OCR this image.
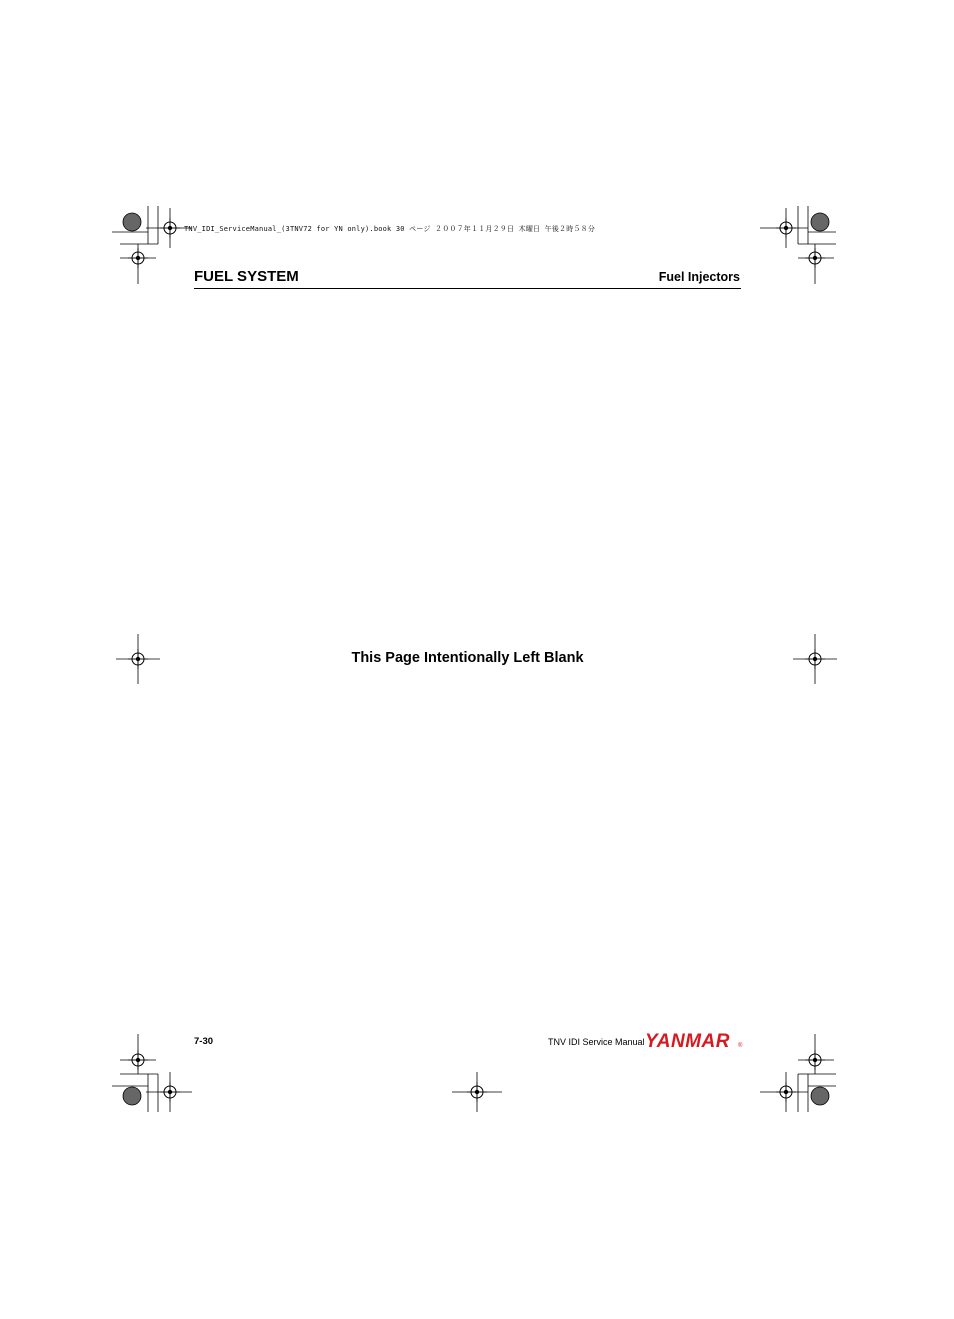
TNV_IDI_ServiceManual_(3TNV72 for YN only).book 30 ページ ２００７年１１月２９日 木曜日 午後２時５８分
FUEL SYSTEM	Fuel Injectors
This Page Intentionally Left Blank
7-30	TNV IDI Service Manual YANMAR ®
